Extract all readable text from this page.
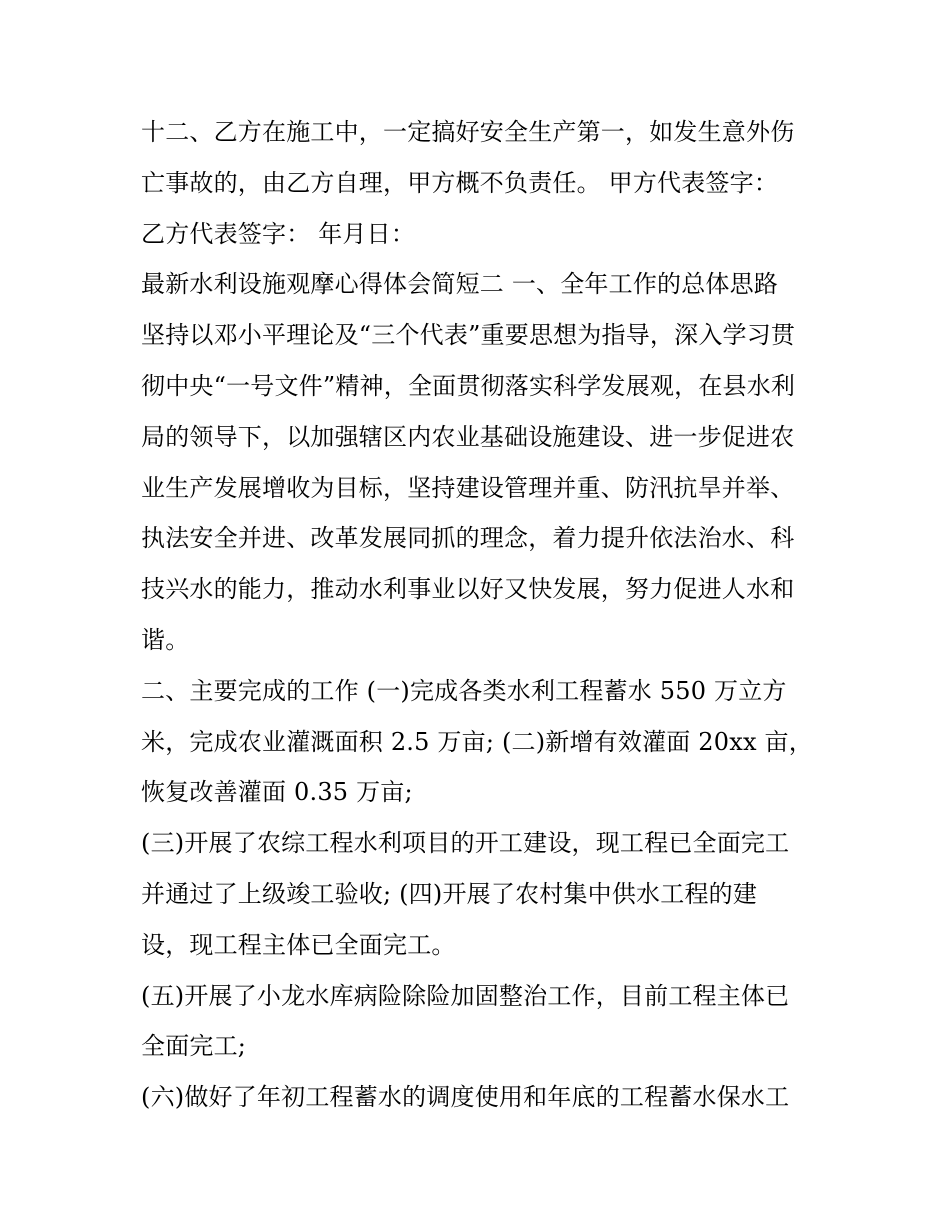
十二、乙方在施工中，一定搞好安全生产第一，如发生意外伤
亡事故的，由乙方自理，甲方概不负责任。 甲方代表签字：
乙方代表签字： 年月日：
最新水利设施观摩心得体会简短二 一、全年工作的总体思路
坚持以邓小平理论及“三个代表”重要思想为指导，深入学习贯
彻中央“一号文件”精神，全面贯彻落实科学发展观，在县水利
局的领导下，以加强辖区内农业基础设施建设、进一步促进农
业生产发展增收为目标，坚持建设管理并重、防汛抗旱并举、
执法安全并进、改革发展同抓的理念，着力提升依法治水、科
技兴水的能力，推动水利事业以好又快发展，努力促进人水和
谐。
二、主要完成的工作 (一)完成各类水利工程蓄水 550 万立方
米，完成农业灌溉面积 2.5 万亩; (二)新增有效灌面 20xx 亩，
恢复改善灌面 0.35 万亩;
(三)开展了农综工程水利项目的开工建设，现工程已全面完工
并通过了上级竣工验收; (四)开展了农村集中供水工程的建
设，现工程主体已全面完工。
(五)开展了小龙水库病险除险加固整治工作，目前工程主体已
全面完工;
(六)做好了年初工程蓄水的调度使用和年底的工程蓄水保水工
